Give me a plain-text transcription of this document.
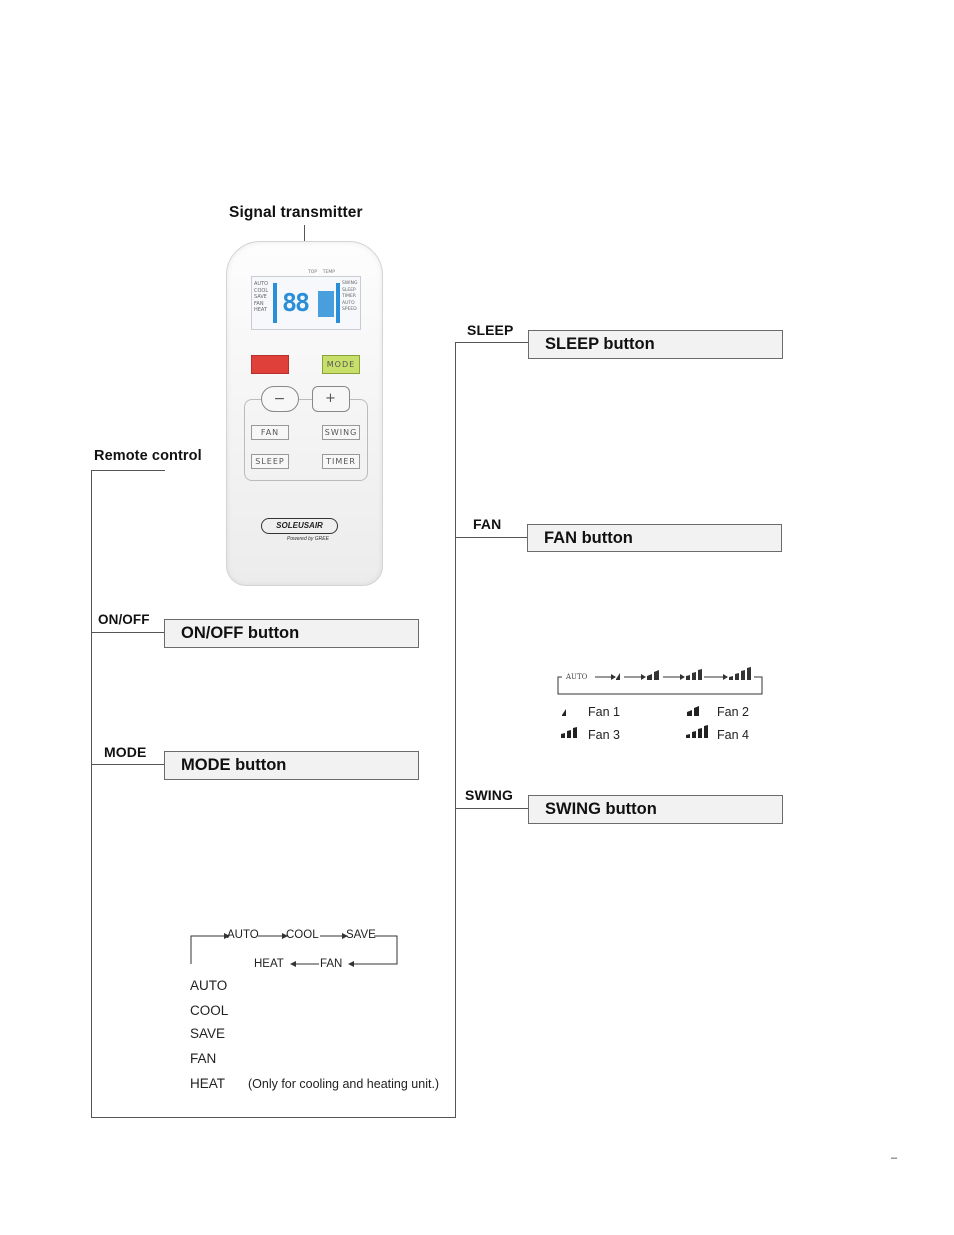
Signal transmitter
AUTO
COOL
SAVE
FAN
HEAT
TOP TEMP
88
SWING
SLEEP
TIMER
AUTO
SPEED
MODE
−	+
FAN	SWING
SLEEP	TIMER
SOLEUSAIR
Powered by GREE
Remote control
ON/OFF
ON/OFF button
MODE
MODE button
AUTO COOL SAVE
HEAT	FAN
AUTO
COOL
SAVE
FAN
HEAT (Only for cooling and heating unit.)
SLEEP
SLEEP button
FAN
FAN button
AUTO
Fan 1	Fan 2
Fan 3	Fan 4
SWING
SWING button
–
